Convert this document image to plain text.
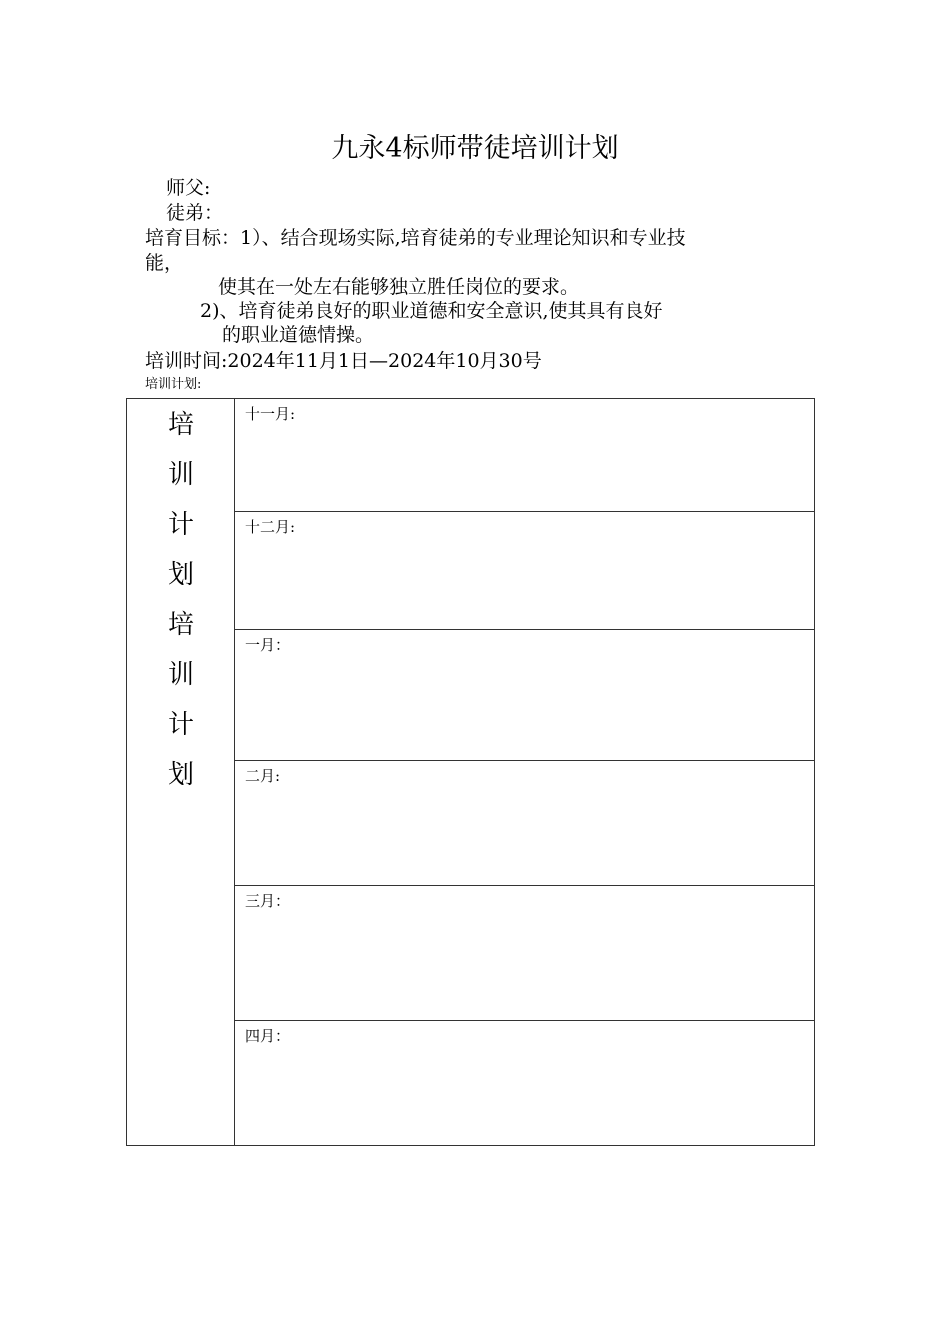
九永4标师带徒培训计划
师父:
徒弟：
培育目标：1）、结合现场实际,培育徒弟的专业理论知识和专业技
能，
使其在一处左右能够独立胜任岗位的要求。
2)、培育徒弟良好的职业道德和安全意识,使其具有良好
的职业道德情操。
培训时间:2024年11月1日—2024年10月30号
培训计划:
培
训
计
划
培
训
计
划
十一月:
十二月:
一月：
二月:
三月：
四月：
